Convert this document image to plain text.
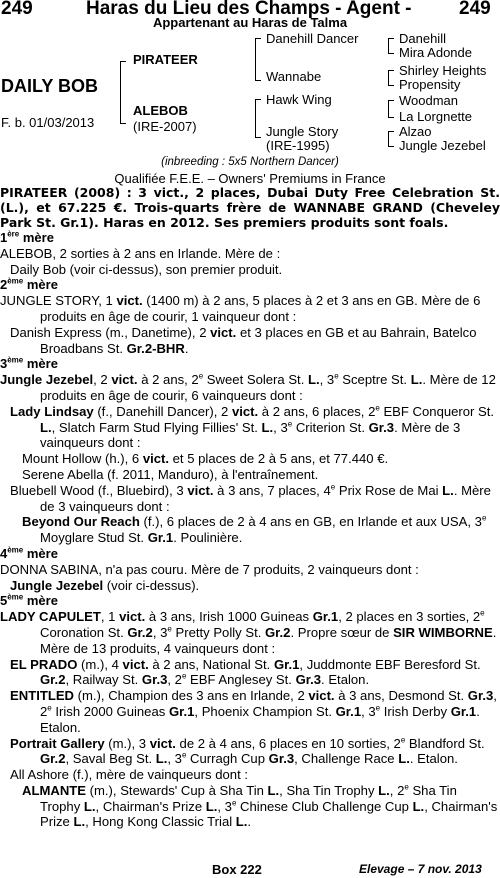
249	Haras du Lieu des Champs - Agent - 249
Appartenant au Haras de Talma
DAILY BOB
F. b. 01/03/2013
PIRATEER
ALEBOB
(IRE-2007)
Danehill Dancer
Wannabe
Hawk Wing
Jungle Story
(IRE-1995)
Danehill
Mira Adonde
Shirley Heights
Propensity
Woodman
La Lorgnette
Alzao
Jungle Jezebel
(inbreeding : 5x5 Northern Dancer)
Qualifiée F.E.E. – Owners' Premiums in France

PIRATEER (2008) : 3 vict., 2 places, Dubai Duty Free Celebration St. (L.), et 67.225 €. Trois-quarts frère de WANNABE GRAND (Cheveley Park St. Gr.1). Haras en 2012. Ses premiers produits sont foals.

1ère mère

ALEBOB, 2 sorties à 2 ans en Irlande. Mère de :

Daily Bob (voir ci-dessus), son premier produit.

2ème mère

JUNGLE STORY, 1 vict. (1400 m) à 2 ans, 5 places à 2 et 3 ans en GB. Mère de 6 produits en âge de courir, 1 vainqueur dont :

Danish Express (m., Danetime), 2 vict. et 3 places en GB et au Bahrain, Batelco Broadbans St. Gr.2-BHR.

3ème mère

Jungle Jezebel, 2 vict. à 2 ans, 2e Sweet Solera St. L., 3e Sceptre St. L.. Mère de 12 produits en âge de courir, 6 vainqueurs dont :

Lady Lindsay (f., Danehill Dancer), 2 vict. à 2 ans, 6 places, 2e EBF Conqueror St. L., Slatch Farm Stud Flying Fillies' St. L., 3e Criterion St. Gr.3. Mère de 3 vainqueurs dont :

Mount Hollow (h.), 6 vict. et 5 places de 2 à 5 ans, et 77.440 €.

Serene Abella (f. 2011, Manduro), à l'entraînement.

Bluebell Wood (f., Bluebird), 3 vict. à 3 ans, 7 places, 4e Prix Rose de Mai L.. Mère de 3 vainqueurs dont :

Beyond Our Reach (f.), 6 places de 2 à 4 ans en GB, en Irlande et aux USA, 3e Moyglare Stud St. Gr.1. Poulinière.

4ème mère

DONNA SABINA, n'a pas couru. Mère de 7 produits, 2 vainqueurs dont :

Jungle Jezebel (voir ci-dessus).

5ème mère

LADY CAPULET, 1 vict. à 3 ans, Irish 1000 Guineas Gr.1, 2 places en 3 sorties, 2e Coronation St. Gr.2, 3e Pretty Polly St. Gr.2. Propre sœur de SIR WIMBORNE. Mère de 13 produits, 4 vainqueurs dont :

EL PRADO (m.), 4 vict. à 2 ans, National St. Gr.1, Juddmonte EBF Beresford St. Gr.2, Railway St. Gr.3, 2e EBF Anglesey St. Gr.3. Etalon.

ENTITLED (m.), Champion des 3 ans en Irlande, 2 vict. à 3 ans, Desmond St. Gr.3, 2e Irish 2000 Guineas Gr.1, Phoenix Champion St. Gr.1, 3e Irish Derby Gr.1. Etalon.

Portrait Gallery (m.), 3 vict. de 2 à 4 ans, 6 places en 10 sorties, 2e Blandford St. Gr.2, Saval Beg St. L., 3e Curragh Cup Gr.3, Challenge Race L.. Etalon.

All Ashore (f.), mère de vainqueurs dont :

ALMANTE (m.), Stewards' Cup à Sha Tin L., Sha Tin Trophy L., 2e Sha Tin Trophy L., Chairman's Prize L., 3e Chinese Club Challenge Cup L., Chairman's Prize L., Hong Kong Classic Trial L..

Box 222	Elevage – 7 nov. 2013
